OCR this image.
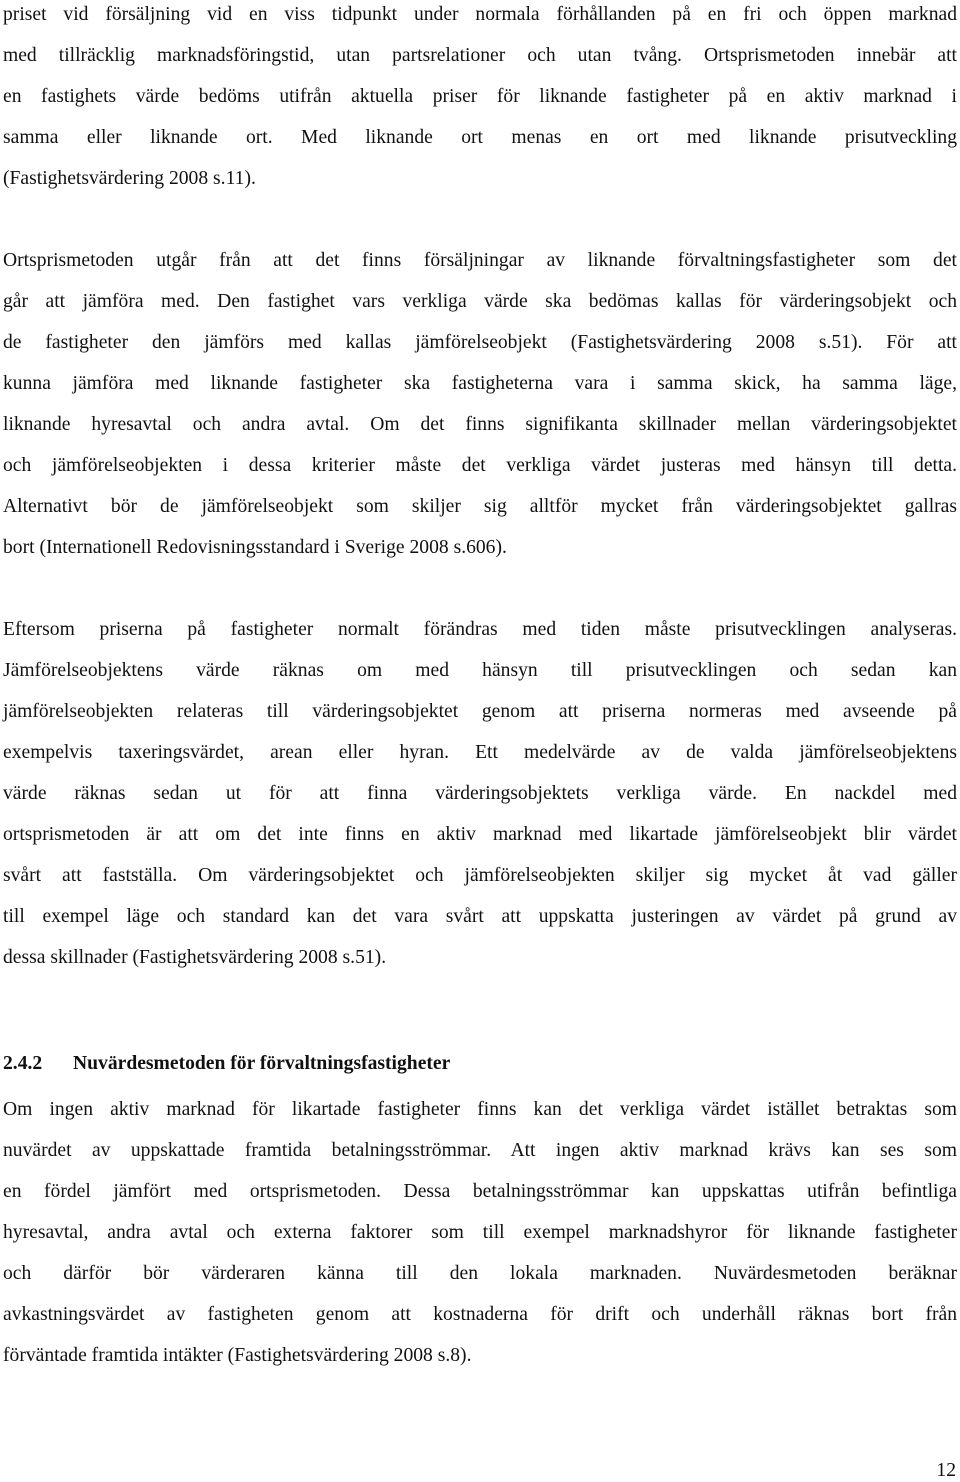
priset vid försäljning vid en viss tidpunkt under normala förhållanden på en fri och öppen marknad
med tillräcklig marknadsföringstid, utan partsrelationer och utan tvång. Ortsprismetoden innebär att
en fastighets värde bedöms utifrån aktuella priser för liknande fastigheter på en aktiv marknad i
samma eller liknande ort. Med liknande ort menas en ort med liknande prisutveckling
(Fastighetsvärdering 2008 s.11).
Ortsprismetoden utgår från att det finns försäljningar av liknande förvaltningsfastigheter som det
går att jämföra med. Den fastighet vars verkliga värde ska bedömas kallas för värderingsobjekt och
de fastigheter den jämförs med kallas jämförelseobjekt (Fastighetsvärdering 2008 s.51). För att
kunna jämföra med liknande fastigheter ska fastigheterna vara i samma skick, ha samma läge,
liknande hyresavtal och andra avtal. Om det finns signifikanta skillnader mellan värderingsobjektet
och jämförelseobjekten i dessa kriterier måste det verkliga värdet justeras med hänsyn till detta.
Alternativt bör de jämförelseobjekt som skiljer sig alltför mycket från värderingsobjektet gallras
bort (Internationell Redovisningsstandard i Sverige 2008 s.606).
Eftersom priserna på fastigheter normalt förändras med tiden måste prisutvecklingen analyseras.
Jämförelseobjektens värde räknas om med hänsyn till prisutvecklingen och sedan kan
jämförelseobjekten relateras till värderingsobjektet genom att priserna normeras med avseende på
exempelvis taxeringsvärdet, arean eller hyran. Ett medelvärde av de valda jämförelseobjektens
värde räknas sedan ut för att finna värderingsobjektets verkliga värde. En nackdel med
ortsprismetoden är att om det inte finns en aktiv marknad med likartade jämförelseobjekt blir värdet
svårt att fastställa. Om värderingsobjektet och jämförelseobjekten skiljer sig mycket åt vad gäller
till exempel läge och standard kan det vara svårt att uppskatta justeringen av värdet på grund av
dessa skillnader (Fastighetsvärdering 2008 s.51).
2.4.2 Nuvärdesmetoden för förvaltningsfastigheter
Om ingen aktiv marknad för likartade fastigheter finns kan det verkliga värdet istället betraktas som
nuvärdet av uppskattade framtida betalningsströmmar. Att ingen aktiv marknad krävs kan ses som
en fördel jämfört med ortsprismetoden. Dessa betalningsströmmar kan uppskattas utifrån befintliga
hyresavtal, andra avtal och externa faktorer som till exempel marknadshyror för liknande fastigheter
och därför bör värderaren känna till den lokala marknaden. Nuvärdesmetoden beräknar
avkastningsvärdet av fastigheten genom att kostnaderna för drift och underhåll räknas bort från
förväntade framtida intäkter (Fastighetsvärdering 2008 s.8).
12
